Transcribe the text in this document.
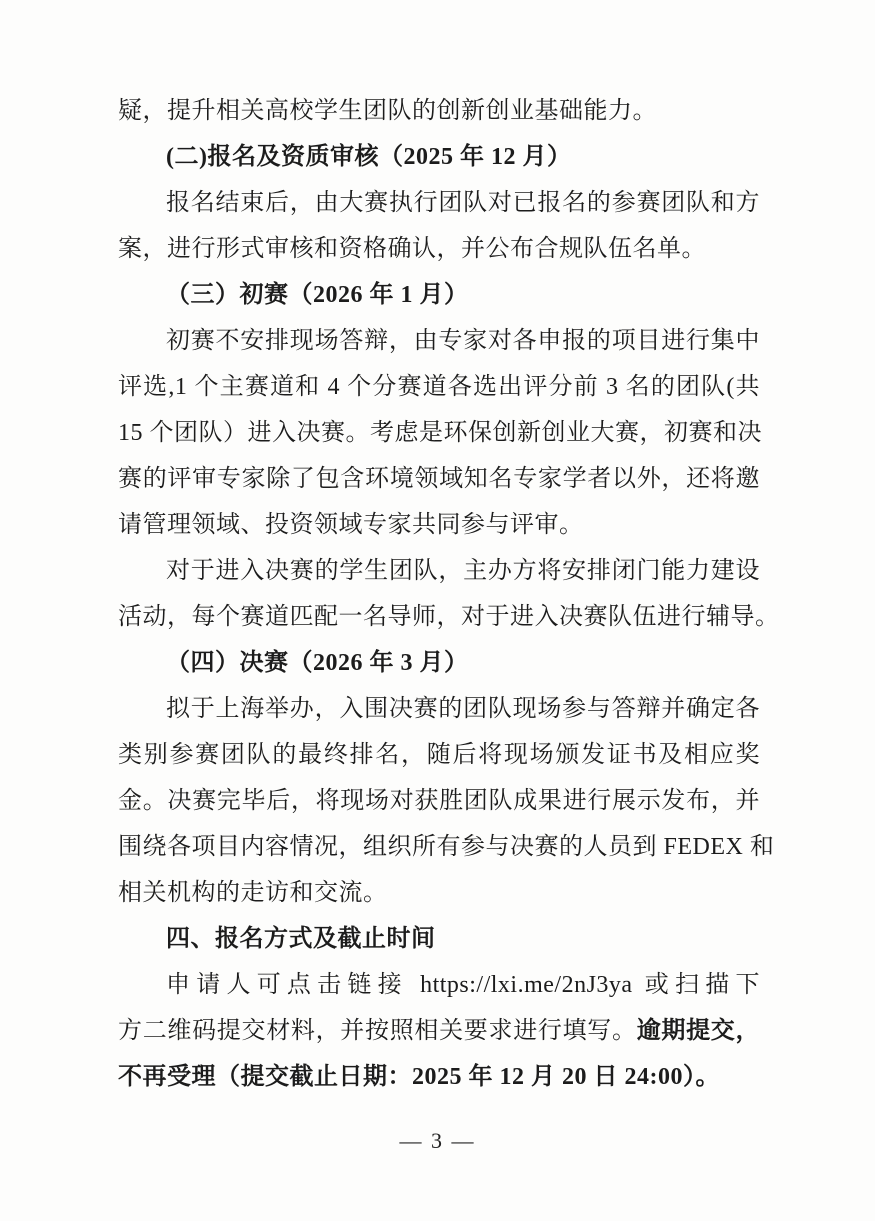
疑，提升相关高校学生团队的创新创业基础能力。
(二)报名及资质审核（2025 年 12 月）
报名结束后，由大赛执行团队对已报名的参赛团队和方
案，进行形式审核和资格确认，并公布合规队伍名单。
（三）初赛（2026 年 1 月）
初赛不安排现场答辩，由专家对各申报的项目进行集中
评选,1 个主赛道和 4 个分赛道各选出评分前 3 名的团队(共
15 个团队）进入决赛。考虑是环保创新创业大赛，初赛和决
赛的评审专家除了包含环境领域知名专家学者以外，还将邀
请管理领域、投资领域专家共同参与评审。
对于进入决赛的学生团队，主办方将安排闭门能力建设
活动，每个赛道匹配一名导师，对于进入决赛队伍进行辅导。
（四）决赛（2026 年 3 月）
拟于上海举办，入围决赛的团队现场参与答辩并确定各
类别参赛团队的最终排名，随后将现场颁发证书及相应奖
金。决赛完毕后，将现场对获胜团队成果进行展示发布，并
围绕各项目内容情况，组织所有参与决赛的人员到 FEDEX 和
相关机构的走访和交流。
四、报名方式及截止时间
申请人可点击链接 https://lxi.me/2nJ3ya 或扫描下
方二维码提交材料，并按照相关要求进行填写。逾期提交，
不再受理（提交截止日期：2025 年 12 月 20 日 24:00）。
— 3 —
